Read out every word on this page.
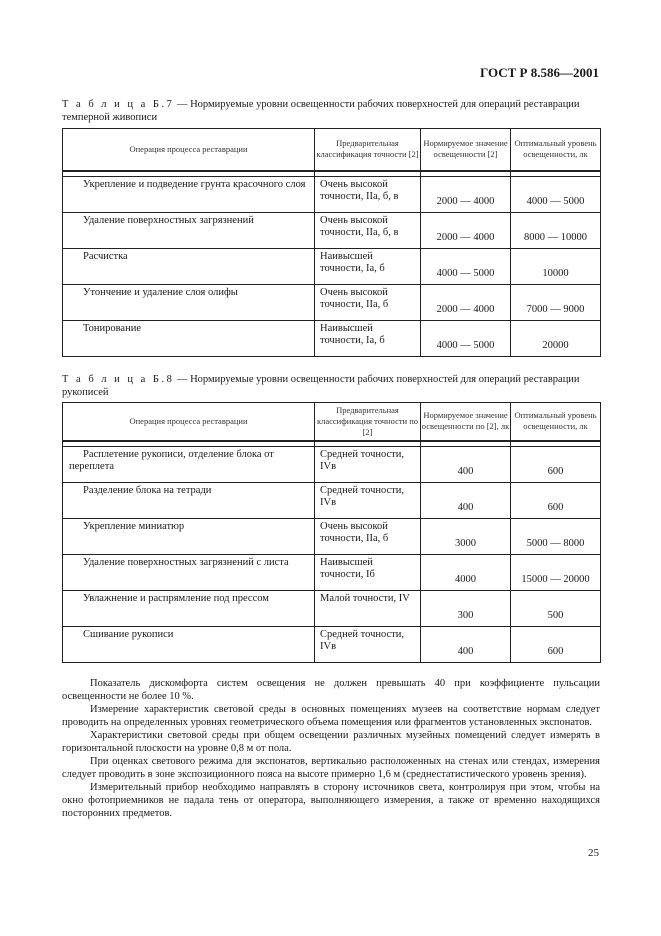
ГОСТ Р 8.586—2001
Т а б л и ц а Б.7 — Нормируемые уровни освещенности рабочих поверхностей для операций реставрации темперной живописи
Операция процесса реставрации	Предварительная классификация точности [2]	Нормируемое значение освещенности [2]	Оптимальный уровень освещенности, лк

Укрепление и подведение грунта красочного слоя	Очень высокой точности, IIа, б, в	2000 — 4000	4000 — 5000
Удаление поверхностных загрязнений	Очень высокой точности, IIа, б, в	2000 — 4000	8000 — 10000
Расчистка	Наивысшей точности, Iа, б	4000 — 5000	10000
Утончение и удаление слоя олифы	Очень высокой точности, IIа, б	2000 — 4000	7000 — 9000
Тонирование	Наивысшей точности, Iа, б	4000 — 5000	20000
Т а б л и ц а Б.8 — Нормируемые уровни освещенности рабочих поверхностей для операций реставрации рукописей
Операция процесса реставрации	Предварительная классификация точности по [2]	Нормируемое значение освещенности по [2], лк	Оптимальный уровень освещенности, лк

Расплетение рукописи, отделение блока от переплета	Средней точности, IVв	400	600
Разделение блока на тетради	Средней точности, IVв	400	600
Укрепление миниатюр	Очень высокой точности, IIа, б	3000	5000 — 8000
Удаление поверхностных загрязнений с листа	Наивысшей точности, Iб	4000	15000 — 20000
Увлажнение и распрямление под прессом	Малой точности, IV	300	500
Сшивание рукописи	Средней точности, IVв	400	600

Показатель дискомфорта систем освещения не должен превышать 40 при коэффициенте пульсации освещенности не более 10 %.

Измерение характеристик световой среды в основных помещениях музеев на соответствие нормам следует проводить на определенных уровнях геометрического объема помещения или фрагментов установленных экспонатов.

Характеристики световой среды при общем освещении различных музейных помещений следует измерять в горизонтальной плоскости на уровне 0,8 м от пола.

При оценках светового режима для экспонатов, вертикально расположенных на стенах или стендах, измерения следует проводить в зоне экспозиционного пояса на высоте примерно 1,6 м (среднестатистического уровень зрения).

Измерительный прибор необходимо направлять в сторону источников света, контролируя при этом, чтобы на окно фотоприемников не падала тень от оператора, выполняющего измерения, а также от временно находящихся посторонних предметов.

25
